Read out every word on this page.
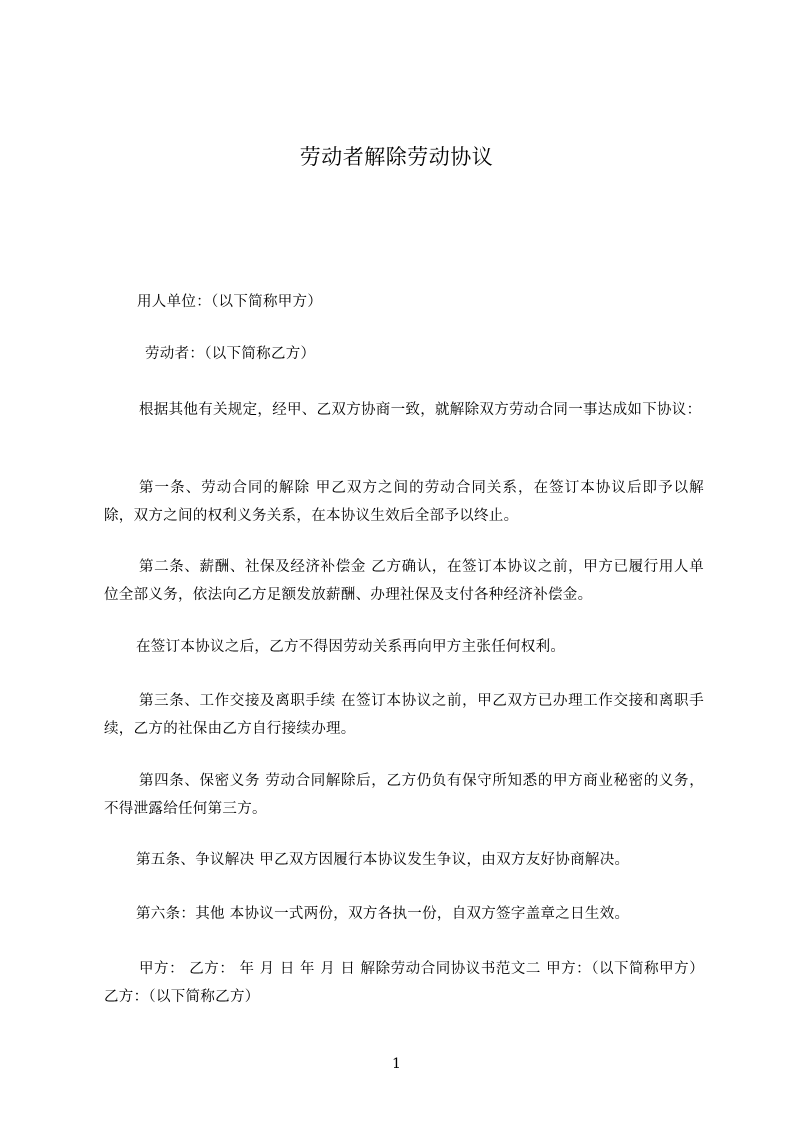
劳动者解除劳动协议

用人单位：（以下简称甲方）

劳动者：（以下简称乙方）

根据其他有关规定，经甲、乙双方协商一致，就解除双方劳动合同一事达成如下协议：

第一条、劳动合同的解除 甲乙双方之间的劳动合同关系，在签订本协议后即予以解除，双方之间的权利义务关系，在本协议生效后全部予以终止。

第二条、薪酬、社保及经济补偿金 乙方确认，在签订本协议之前，甲方已履行用人单位全部义务，依法向乙方足额发放薪酬、办理社保及支付各种经济补偿金。

在签订本协议之后，乙方不得因劳动关系再向甲方主张任何权利。

第三条、工作交接及离职手续 在签订本协议之前，甲乙双方已办理工作交接和离职手续，乙方的社保由乙方自行接续办理。

第四条、保密义务 劳动合同解除后，乙方仍负有保守所知悉的甲方商业秘密的义务，不得泄露给任何第三方。

第五条、争议解决 甲乙双方因履行本协议发生争议，由双方友好协商解决。

第六条：其他 本协议一式两份，双方各执一份，自双方签字盖章之日生效。

甲方： 乙方： 年 月 日 年 月 日 解除劳动合同协议书范文二 甲方：（以下简称甲方）乙方：（以下简称乙方）

1
